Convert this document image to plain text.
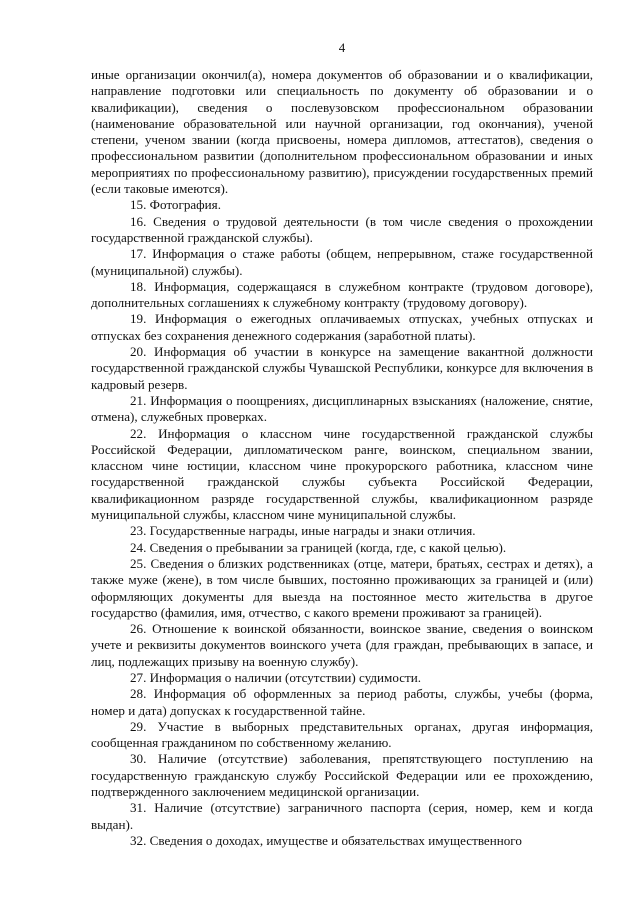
4

иные организации окончил(а), номера документов об образовании и о квалификации, направление подготовки или специальность по документу об образовании и о квалификации), сведения о послевузовском профессиональном образовании (наименование образовательной или научной организации, год окончания), ученой степени, ученом звании (когда присвоены, номера дипломов, аттестатов), сведения о профессиональном развитии (дополнительном профессиональном образовании и иных мероприятиях по профессиональному развитию), присуждении государственных премий (если таковые имеются).

15. Фотография.

16. Сведения о трудовой деятельности (в том числе сведения о прохождении государственной гражданской службы).

17. Информация о стаже работы (общем, непрерывном, стаже государственной (муниципальной) службы).

18. Информация, содержащаяся в служебном контракте (трудовом договоре), дополнительных соглашениях к служебному контракту (трудовому договору).

19. Информация о ежегодных оплачиваемых отпусках, учебных отпусках и отпусках без сохранения денежного содержания (заработной платы).

20. Информация об участии в конкурсе на замещение вакантной должности государственной гражданской службы Чувашской Республики, конкурсе для включения в кадровый резерв.

21. Информация о поощрениях, дисциплинарных взысканиях (наложение, снятие, отмена), служебных проверках.

22. Информация о классном чине государственной гражданской службы Российской Федерации, дипломатическом ранге, воинском, специальном звании, классном чине юстиции, классном чине прокурорского работника, классном чине государственной гражданской службы субъекта Российской Федерации, квалификационном разряде государственной службы, квалификационном разряде муниципальной службы, классном чине муниципальной службы.

23. Государственные награды, иные награды и знаки отличия.

24. Сведения о пребывании за границей (когда, где, с какой целью).

25. Сведения о близких родственниках (отце, матери, братьях, сестрах и детях), а также муже (жене), в том числе бывших, постоянно проживающих за границей и (или) оформляющих документы для выезда на постоянное место жительства в другое государство (фамилия, имя, отчество, с какого времени проживают за границей).

26. Отношение к воинской обязанности, воинское звание, сведения о воинском учете и реквизиты документов воинского учета (для граждан, пребывающих в запасе, и лиц, подлежащих призыву на военную службу).

27. Информация о наличии (отсутствии) судимости.

28. Информация об оформленных за период работы, службы, учебы (форма, номер и дата) допусках к государственной тайне.

29. Участие в выборных представительных органах, другая информация, сообщенная гражданином по собственному желанию.

30. Наличие (отсутствие) заболевания, препятствующего поступлению на государственную гражданскую службу Российской Федерации или ее прохождению, подтвержденного заключением медицинской организации.

31. Наличие (отсутствие) заграничного паспорта (серия, номер, кем и когда выдан).

32. Сведения о доходах, имуществе и обязательствах имущественного
